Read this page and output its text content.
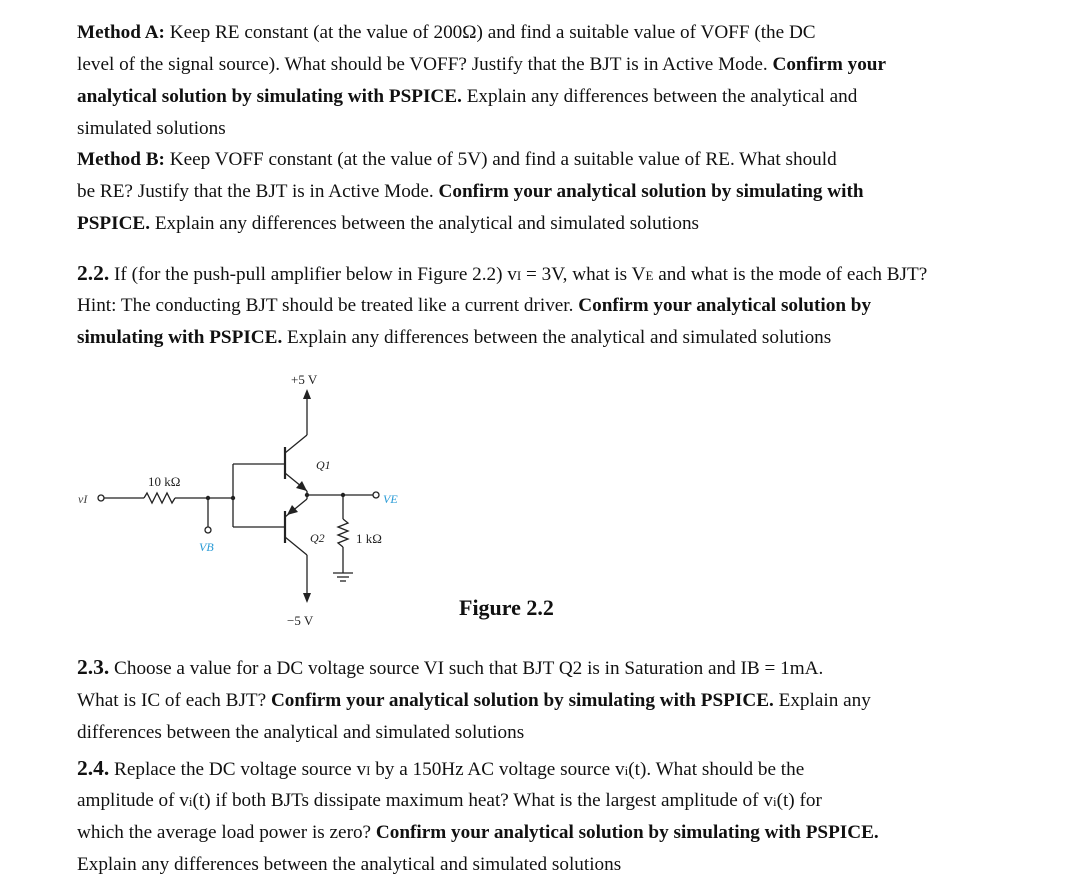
Method A: Keep RE constant (at the value of 200Ω) and find a suitable value of VOFF (the DC

level of the signal source). What should be VOFF? Justify that the BJT is in Active Mode. Confirm your

analytical solution by simulating with PSPICE. Explain any differences between the analytical and

simulated solutions

Method B: Keep VOFF constant (at the value of 5V) and find a suitable value of RE. What should

be RE? Justify that the BJT is in Active Mode. Confirm your analytical solution by simulating with

PSPICE. Explain any differences between the analytical and simulated solutions

2.2. If (for the push-pull amplifier below in Figure 2.2) vI = 3V, what is VE and what is the mode of each BJT?

Hint: The conducting BJT should be treated like a current driver. Confirm your analytical solution by

simulating with PSPICE. Explain any differences between the analytical and simulated solutions

+5 V
−5 V
10 kΩ
1 kΩ
Q1
Q2
vI	VE
VB
Figure 2.2

2.3. Choose a value for a DC voltage source VI such that BJT Q2 is in Saturation and IB = 1mA.

What is IC of each BJT? Confirm your analytical solution by simulating with PSPICE. Explain any

differences between the analytical and simulated solutions

2.4. Replace the DC voltage source vI by a 150Hz AC voltage source vi(t). What should be the

amplitude of vi(t) if both BJTs dissipate maximum heat? What is the largest amplitude of vi(t) for

which the average load power is zero? Confirm your analytical solution by simulating with PSPICE.

Explain any differences between the analytical and simulated solutions
